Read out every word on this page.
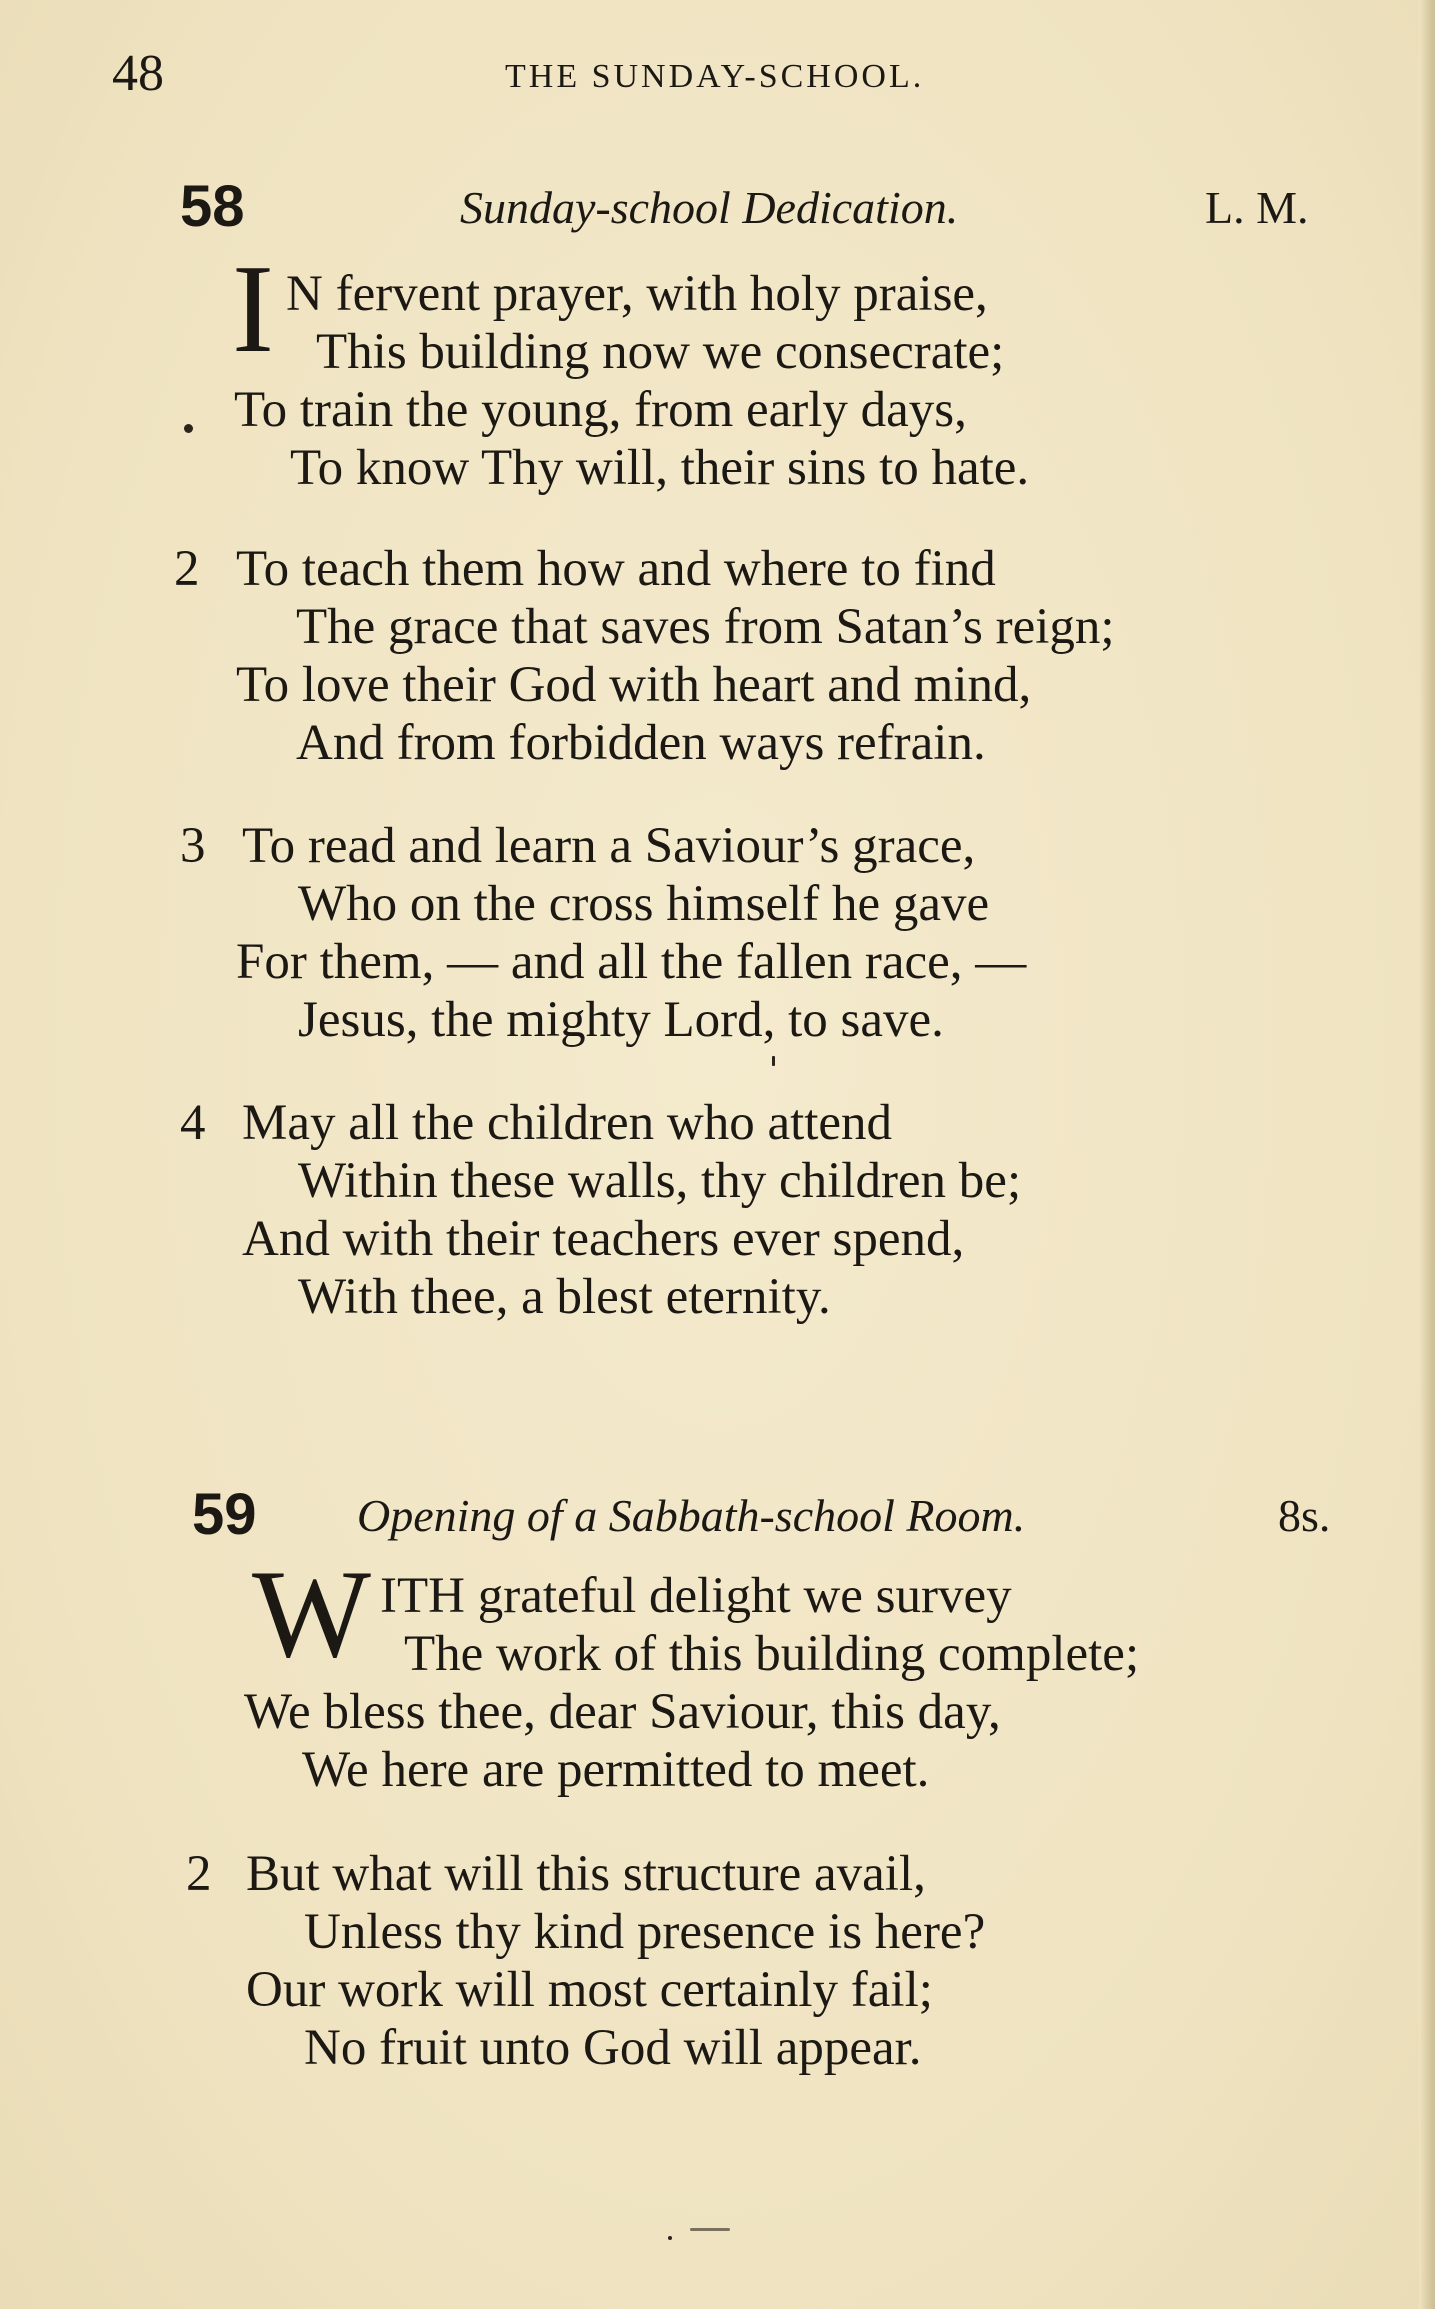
48	THE SUNDAY-SCHOOL.
58	Sunday-school Dedication.	L. M.
I N fervent prayer, with holy praise,
This building now we consecrate;
To train the young, from early days,
To know Thy will, their sins to hate.
2 To teach them how and where to find
The grace that saves from Satan’s reign;
To love their God with heart and mind,
And from forbidden ways refrain.
3 To read and learn a Saviour’s grace,
Who on the cross himself he gave
For them, — and all the fallen race, —
Jesus, the mighty Lord, to save.
4 May all the children who attend
Within these walls, thy children be;
And with their teachers ever spend,
With thee, a blest eternity.
59 Opening of a Sabbath-school Room.	8s.
W ITH grateful delight we survey
The work of this building complete;
We bless thee, dear Saviour, this day,
We here are permitted to meet.
2 But what will this structure avail,
Unless thy kind presence is here?
Our work will most certainly fail;
No fruit unto God will appear.
